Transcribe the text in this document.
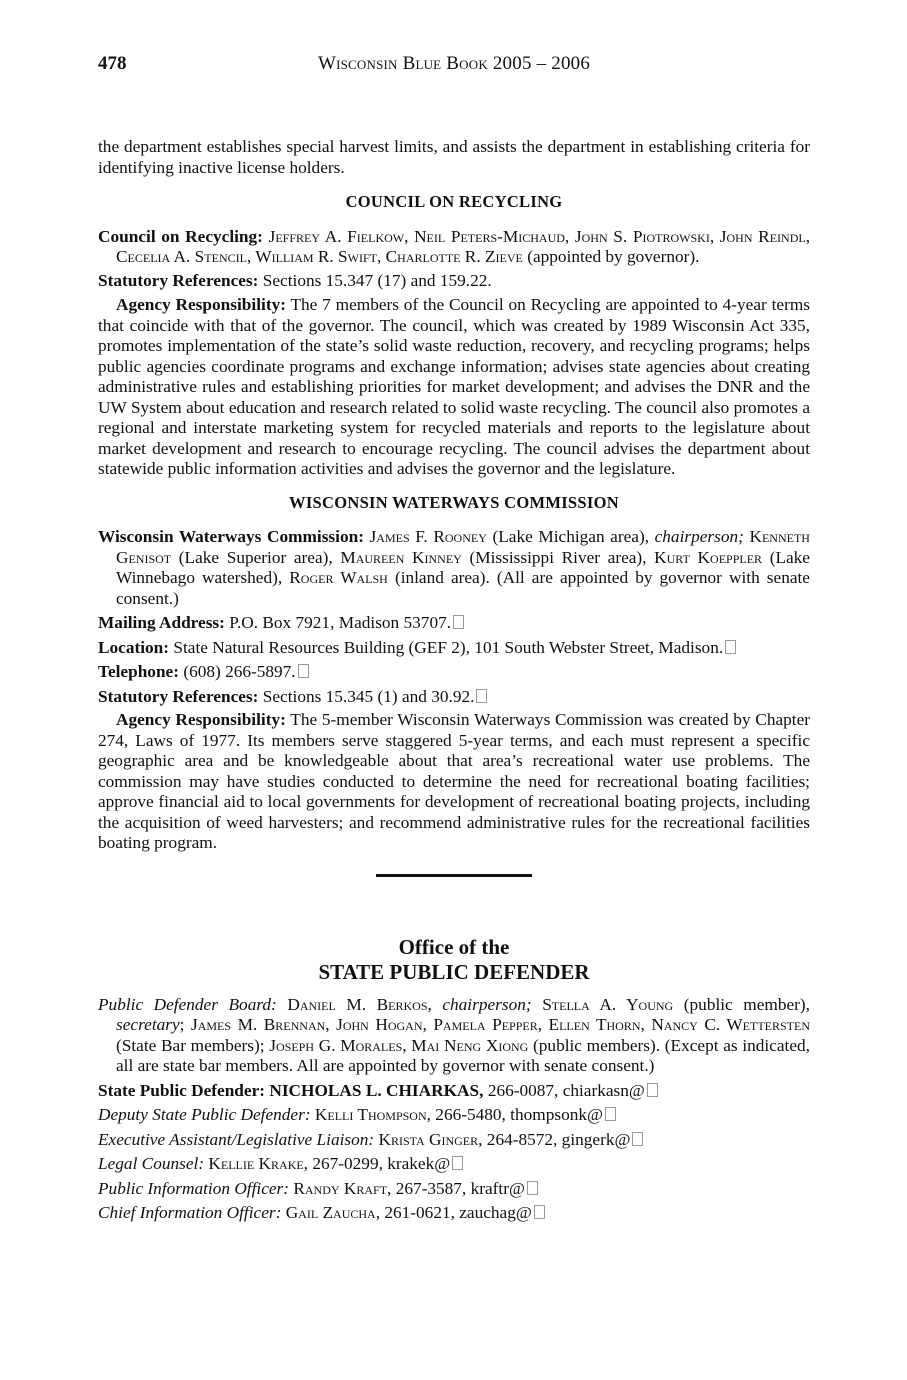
478	Wisconsin Blue Book 2005 – 2006

the department establishes special harvest limits, and assists the department in establishing criteria for identifying inactive license holders.

COUNCIL ON RECYCLING

Council on Recycling: Jeffrey A. Fielkow, Neil Peters-Michaud, John S. Piotrowski, John Reindl, Cecelia A. Stencil, William R. Swift, Charlotte R. Zieve (appointed by governor).

Statutory References: Sections 15.347 (17) and 159.22.

Agency Responsibility: The 7 members of the Council on Recycling are appointed to 4-year terms that coincide with that of the governor. The council, which was created by 1989 Wisconsin Act 335, promotes implementation of the state’s solid waste reduction, recovery, and recycling programs; helps public agencies coordinate programs and exchange information; advises state agencies about creating administrative rules and establishing priorities for market development; and advises the DNR and the UW System about education and research related to solid waste recycling. The council also promotes a regional and interstate marketing system for recycled materials and reports to the legislature about market development and research to encourage recycling. The council advises the department about statewide public information activities and advises the governor and the legislature.

WISCONSIN WATERWAYS COMMISSION

Wisconsin Waterways Commission: James F. Rooney (Lake Michigan area), chairperson; Kenneth Genisot (Lake Superior area), Maureen Kinney (Mississippi River area), Kurt Koeppler (Lake Winnebago watershed), Roger Walsh (inland area). (All are appointed by governor with senate consent.)

Mailing Address: P.O. Box 7921, Madison 53707.

Location: State Natural Resources Building (GEF 2), 101 South Webster Street, Madison.

Telephone: (608) 266-5897.

Statutory References: Sections 15.345 (1) and 30.92.

Agency Responsibility: The 5-member Wisconsin Waterways Commission was created by Chapter 274, Laws of 1977. Its members serve staggered 5-year terms, and each must represent a specific geographic area and be knowledgeable about that area’s recreational water use problems. The commission may have studies conducted to determine the need for recreational boating facilities; approve financial aid to local governments for development of recreational boating projects, including the acquisition of weed harvesters; and recommend administrative rules for the recreational facilities boating program.

Office of the

STATE PUBLIC DEFENDER

Public Defender Board: Daniel M. Berkos, chairperson; Stella A. Young (public member), secretary; James M. Brennan, John Hogan, Pamela Pepper, Ellen Thorn, Nancy C. Wettersten (State Bar members); Joseph G. Morales, Mai Neng Xiong (public members). (Except as indicated, all are state bar members. All are appointed by governor with senate consent.)

State Public Defender: NICHOLAS L. CHIARKAS, 266-0087, chiarkasn@

Deputy State Public Defender: Kelli Thompson, 266-5480, thompsonk@

Executive Assistant/Legislative Liaison: Krista Ginger, 264-8572, gingerk@

Legal Counsel: Kellie Krake, 267-0299, krakek@

Public Information Officer: Randy Kraft, 267-3587, kraftr@

Chief Information Officer: Gail Zaucha, 261-0621, zauchag@
